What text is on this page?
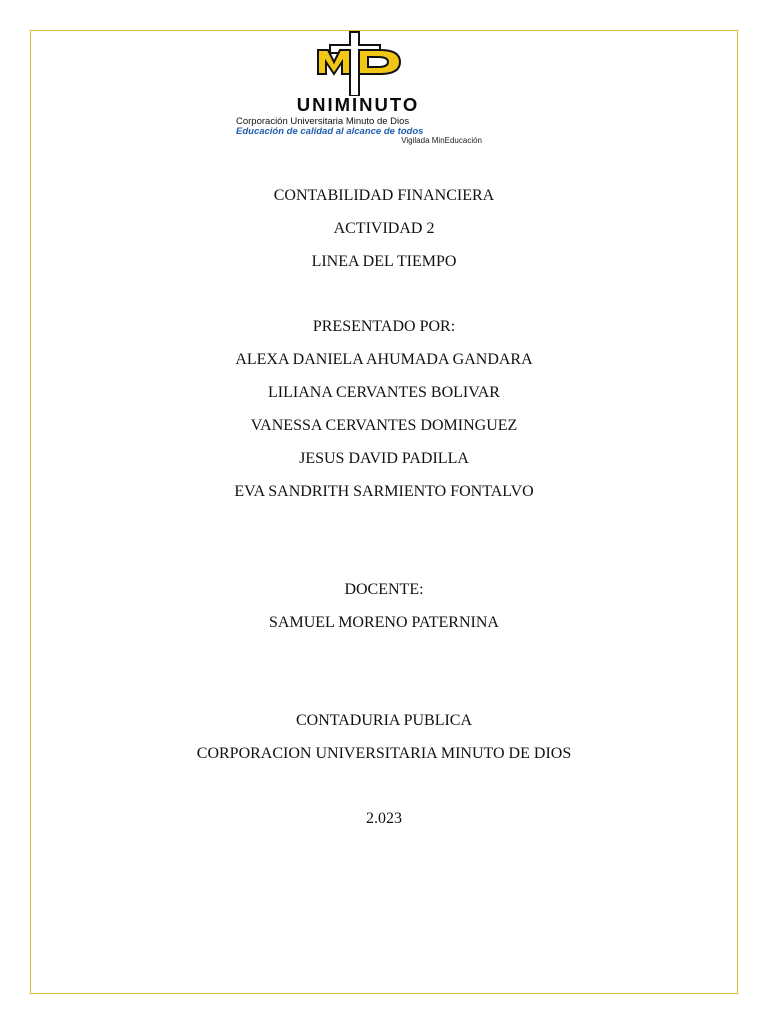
UNIMINUTO
Corporación Universitaria Minuto de Dios
Educación de calidad al alcance de todos
Vigilada MinEducación
CONTABILIDAD FINANCIERA
ACTIVIDAD 2
LINEA DEL TIEMPO
PRESENTADO POR:
ALEXA DANIELA AHUMADA GANDARA
LILIANA CERVANTES BOLIVAR
VANESSA CERVANTES DOMINGUEZ
JESUS DAVID PADILLA
EVA SANDRITH SARMIENTO FONTALVO
DOCENTE:
SAMUEL MORENO PATERNINA
CONTADURIA PUBLICA
CORPORACION UNIVERSITARIA MINUTO DE DIOS
2.023
